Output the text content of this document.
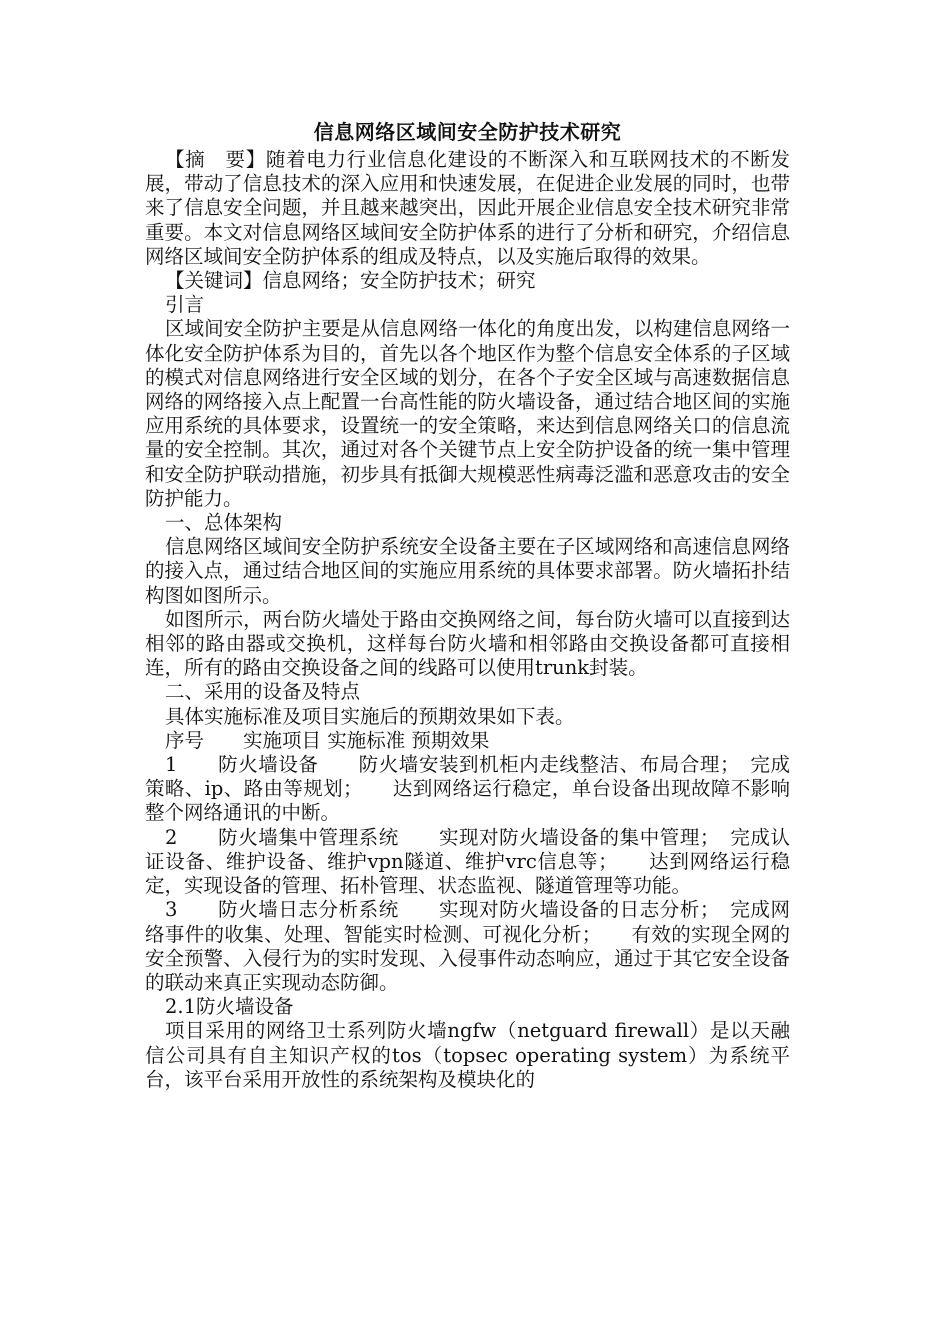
信息网络区域间安全防护技术研究

【摘　要】随着电力行业信息化建设的不断深入和互联网技术的不断发展，带动了信息技术的深入应用和快速发展，在促进企业发展的同时，也带来了信息安全问题，并且越来越突出，因此开展企业信息安全技术研究非常重要。本文对信息网络区域间安全防护体系的进行了分析和研究，介绍信息网络区域间安全防护体系的组成及特点，以及实施后取得的效果。

【关键词】信息网络；安全防护技术；研究

引言

区域间安全防护主要是从信息网络一体化的角度出发，以构建信息网络一体化安全防护体系为目的，首先以各个地区作为整个信息安全体系的子区域的模式对信息网络进行安全区域的划分，在各个子安全区域与高速数据信息网络的网络接入点上配置一台高性能的防火墙设备，通过结合地区间的实施应用系统的具体要求，设置统一的安全策略，来达到信息网络关口的信息流量的安全控制。其次，通过对各个关键节点上安全防护设备的统一集中管理和安全防护联动措施，初步具有抵御大规模恶性病毒泛滥和恶意攻击的安全防护能力。

一、总体架构

信息网络区域间安全防护系统安全设备主要在子区域网络和高速信息网络的接入点，通过结合地区间的实施应用系统的具体要求部署。防火墙拓扑结构图如图所示。

如图所示，两台防火墙处于路由交换网络之间，每台防火墙可以直接到达相邻的路由器或交换机，这样每台防火墙和相邻路由交换设备都可直接相连，所有的路由交换设备之间的线路可以使用trunk封装。

二、采用的设备及特点

具体实施标准及项目实施后的预期效果如下表。

序号　　实施项目 实施标准 预期效果

1　　防火墙设备　　防火墙安装到机柜内走线整洁、布局合理；　完成策略、ip、路由等规划；　　达到网络运行稳定，单台设备出现故障不影响整个网络通讯的中断。

2　　防火墙集中管理系统　　实现对防火墙设备的集中管理；　完成认证设备、维护设备、维护vpn隧道、维护vrc信息等；　　达到网络运行稳定，实现设备的管理、拓朴管理、状态监视、隧道管理等功能。

3　　防火墙日志分析系统　　实现对防火墙设备的日志分析；　完成网络事件的收集、处理、智能实时检测、可视化分析；　　有效的实现全网的安全预警、入侵行为的实时发现、入侵事件动态响应，通过于其它安全设备的联动来真正实现动态防御。

2.1防火墙设备

项目采用的网络卫士系列防火墙ngfw（netguard firewall）是以天融信公司具有自主知识产权的tos（topsec operating system）为系统平台，该平台采用开放性的系统架构及模块化的
